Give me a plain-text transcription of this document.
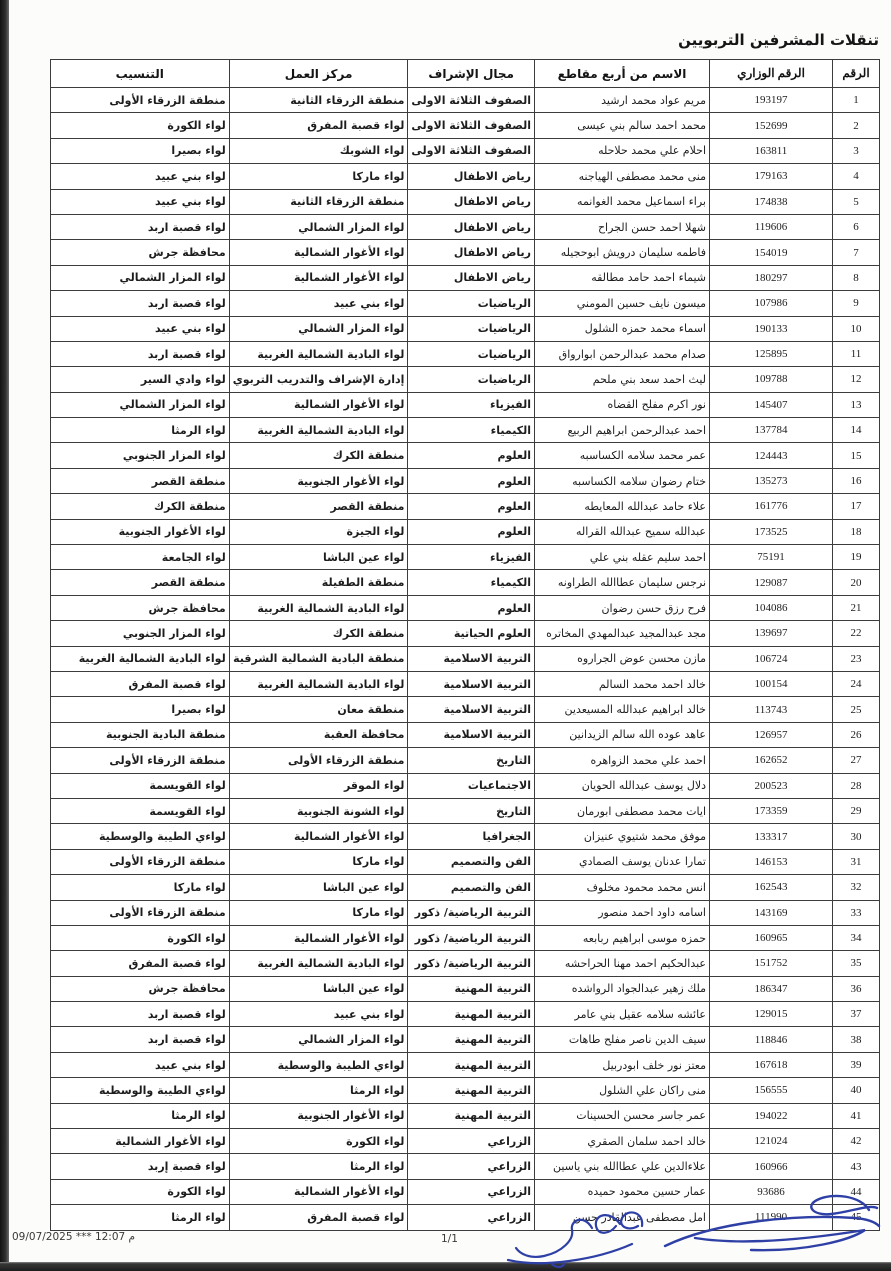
تنقلات المشرفين التربويين
الرقم	الرقم الوزاري	الاسم من أربع مقاطع	مجال الإشراف	مركز العمل	التنسيب
1	193197	مريم عواد محمد ارشيد	الصفوف الثلاثة الاولى	منطقة الزرقاء الثانية	منطقة الزرقاء الأولى
2	152699	محمد احمد سالم بني عيسى	الصفوف الثلاثة الاولى	لواء قصبة المفرق	لواء الكورة
3	163811	احلام علي محمد حلاحله	الصفوف الثلاثة الاولى	لواء الشوبك	لواء بصيرا
4	179163	منى محمد مصطفى الهياجنه	رياض الاطفال	لواء ماركا	لواء بني عبيد
5	174838	براء اسماعيل محمد الغوانمه	رياض الاطفال	منطقة الزرقاء الثانية	لواء بني عبيد
6	119606	شهلا احمد حسن الجراح	رياض الاطفال	لواء المزار الشمالي	لواء قصبة اربد
7	154019	فاطمه سليمان درويش ابوحجيله	رياض الاطفال	لواء الأغوار الشمالية	محافظة جرش
8	180297	شيماء احمد حامد مطالقه	رياض الاطفال	لواء الأغوار الشمالية	لواء المزار الشمالي
9	107986	ميسون نايف حسين المومني	الرياضيات	لواء بني عبيد	لواء قصبة اربد
10	190133	اسماء محمد حمزه الشلول	الرياضيات	لواء المزار الشمالي	لواء بني عبيد
11	125895	صدام محمد عبدالرحمن ابوارواق	الرياضيات	لواء البادية الشمالية الغربية	لواء قصبة اربد
12	109788	ليث احمد سعد بني ملحم	الرياضيات	إدارة الإشراف والتدريب التربوي	لواء وادي السير
13	145407	نور اكرم مفلح القضاه	الفيزياء	لواء الأغوار الشمالية	لواء المزار الشمالي
14	137784	احمد عبدالرحمن ابراهيم الربيع	الكيمياء	لواء البادية الشمالية الغربية	لواء الرمثا
15	124443	عمر محمد سلامه الكساسبه	العلوم	منطقة الكرك	لواء المزار الجنوبي
16	135273	ختام رضوان سلامه الكساسبه	العلوم	لواء الأغوار الجنوبية	منطقة القصر
17	161776	علاء حامد عبدالله المعايطه	العلوم	منطقة القصر	منطقة الكرك
18	173525	عبدالله سميح عبدالله القراله	العلوم	لواء الجيزة	لواء الأغوار الجنوبية
19	75191	احمد سليم عقله بني علي	الفيزياء	لواء عين الباشا	لواء الجامعة
20	129087	نرجس سليمان عطاالله الطراونه	الكيمياء	منطقة الطفيلة	منطقة القصر
21	104086	فرح رزق حسن رضوان	العلوم	لواء البادية الشمالية الغربية	محافظة جرش
22	139697	مجد عبدالمجيد عبدالمهدي المخاتره	العلوم الحياتية	منطقة الكرك	لواء المزار الجنوبي
23	106724	مازن محسن عوض الجراروه	التربية الاسلامية	منطقة البادية الشمالية الشرقية	لواء البادية الشمالية الغربية
24	100154	خالد احمد محمد السالم	التربية الاسلامية	لواء البادية الشمالية الغربية	لواء قصبة المفرق
25	113743	خالد ابراهيم عبدالله المسيعدين	التربية الاسلامية	منطقة معان	لواء بصيرا
26	126957	عاهد عوده الله سالم الزيدانين	التربية الاسلامية	محافظة العقبة	منطقة البادية الجنوبية
27	162652	احمد علي محمد الزواهره	التاريخ	منطقة الزرقاء الأولى	منطقة الزرقاء الأولى
28	200523	دلال يوسف عبدالله الحويان	الاجتماعيات	لواء الموقر	لواء القويسمة
29	173359	ايات محمد مصطفى ابورمان	التاريخ	لواء الشونة الجنوبية	لواء القويسمة
30	133317	موفق محمد شتيوي عنيزان	الجغرافيا	لواء الأغوار الشمالية	لواءي الطيبة والوسطية
31	146153	تمارا عدنان يوسف الصمادي	الفن والتصميم	لواء ماركا	منطقة الزرقاء الأولى
32	162543	انس محمد محمود مخلوف	الفن والتصميم	لواء عين الباشا	لواء ماركا
33	143169	اسامه داود احمد منصور	التربية الرياضية/ ذكور	لواء ماركا	منطقة الزرقاء الأولى
34	160965	حمزه موسى ابراهيم ربابعه	التربية الرياضية/ ذكور	لواء الأغوار الشمالية	لواء الكورة
35	151752	عبدالحكيم احمد مهنا الحراحشه	التربية الرياضية/ ذكور	لواء البادية الشمالية الغربية	لواء قصبة المفرق
36	186347	ملك زهير عبدالجواد الرواشده	التربية المهنية	لواء عين الباشا	محافظة جرش
37	129015	عائشه سلامه عقيل بني عامر	التربية المهنية	لواء بني عبيد	لواء قصبة اربد
38	118846	سيف الدين ناصر مفلح طاهات	التربية المهنية	لواء المزار الشمالي	لواء قصبة اربد
39	167618	معتز نور خلف ابودربيل	التربية المهنية	لواءي الطيبة والوسطية	لواء بني عبيد
40	156555	منى راكان علي الشلول	التربية المهنية	لواء الرمثا	لواءي الطيبة والوسطية
41	194022	عمر جاسر محسن الحسينات	التربية المهنية	لواء الأغوار الجنوبية	لواء الرمثا
42	121024	خالد احمد سلمان الصقري	الزراعي	لواء الكورة	لواء الأغوار الشمالية
43	160966	علاءالدين علي عطاالله بني ياسين	الزراعي	لواء الرمثا	لواء قصبة إربد
44	93686	عمار حسين محمود حميده	الزراعي	لواء الأغوار الشمالية	لواء الكورة
45	111990	امل مصطفى عبدالقادر حسن	الزراعي	لواء قصبة المفرق	لواء الرمثا
09/07/2025 *** 12:07 م	1/1
